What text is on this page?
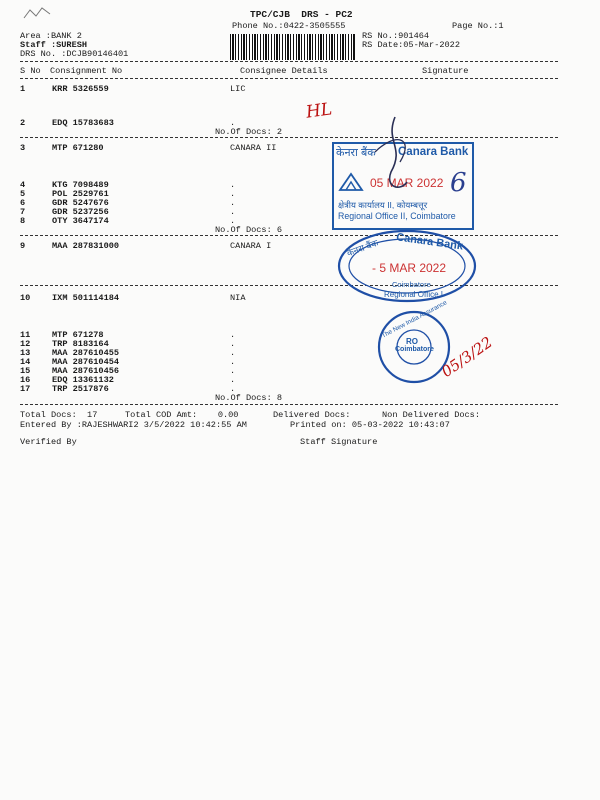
TPC/CJB  DRS - PC2
Phone No.:0422-3505555	Page No.:1
Area :BANK 2
Staff :SURESH
DRS No. :DCJB90146401
RS No.:901464
RS Date:05-Mar-2022
S No Consignment No	Consignee Details	Signature
1	KRR 5326559	LIC
2	EDQ 15783683	.
No.Of Docs: 2
3	MTP 671280	CANARA II
4	KTG 7098489	.
5	POL 2529761	.
6	GDR 5247676	.
7	GDR 5237256	.
8	OTY 3647174	.
No.Of Docs: 6
9	MAA 287831000	CANARA I
10	IXM 501114184	NIA
11	MTP 671278	.
12	TRP 8183164	.
13	MAA 287610455	.
14	MAA 287610454	.
15	MAA 287610456	.
16	EDQ 13361132	.
17	TRP 2517876	.
No.Of Docs: 8
Total Docs:  17	Total COD Amt:    0.00	Delivered Docs:	Non Delivered Docs:
Entered By :RAJESHWARI2 3/5/2022 10:42:55 AM	Printed on: 05-03-2022 10:43:07
Verified By	Staff Signature
केनरा बैंक Canara Bank
05 MAR 2022
क्षेत्रीय कार्यालय II, कोयम्बत्तूर
Regional Office II, Coimbatore
Canara Bank
केनरा बैंक
- 5 MAR 2022
Coimbatore
Regional Office I
The New India Assurance
RO
Coimbatore
HL
6
05/3/22
